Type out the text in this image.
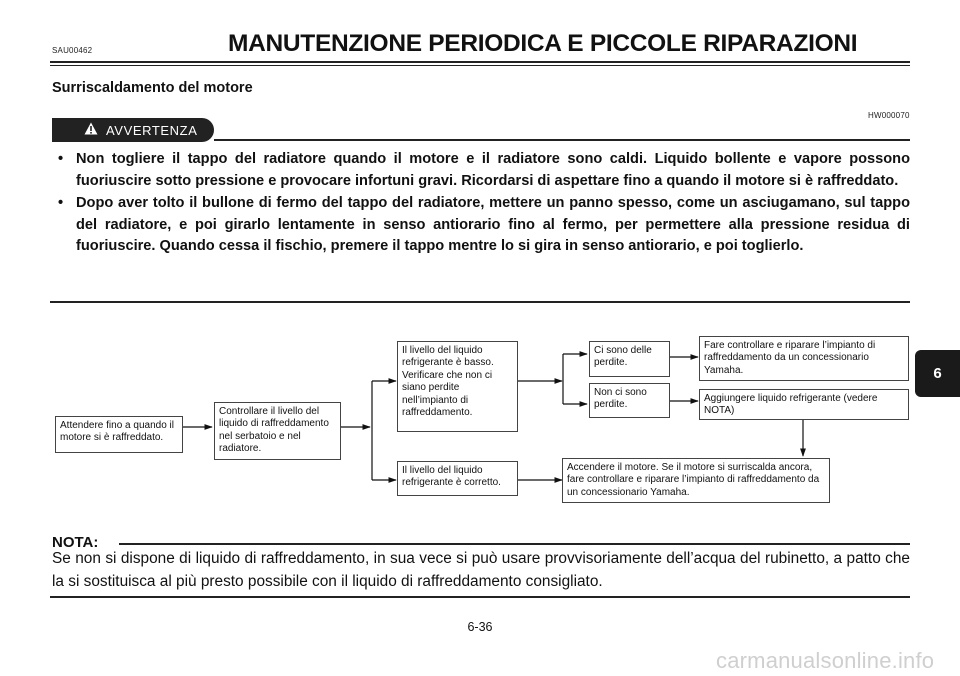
SAU00462	MANUTENZIONE PERIODICA E PICCOLE RIPARAZIONI
Surriscaldamento del motore
HW000070
AVVERTENZA
• Non togliere il tappo del radiatore quando il motore e il radiatore sono caldi. Liquido bollente e vapore possono fuoriuscire sotto pressione e provocare infortuni gravi. Ricordarsi di aspettare fino a quando il motore si è raffreddato.
• Dopo aver tolto il bullone di fermo del tappo del radiatore, mettere un panno spesso, come un asciugamano, sul tappo del radiatore, e poi girarlo lentamente in senso antiorario fino al fermo, per permettere alla pressione residua di fuoriuscire. Quando cessa il fischio, premere il tappo mentre lo si gira in senso antiorario, e poi toglierlo.
Attendere fino a quando il motore si è raffreddato.
Controllare il livello del liquido di raffreddamento nel serbatoio e nel radiatore.
Il livello del liquido refrigerante è basso. Verificare che non ci siano perdite nell’impianto di raffreddamento.
Il livello del liquido refrigerante è corretto.
Ci sono delle perdite.
Non ci sono perdite.
Fare controllare e riparare l’impianto di raffreddamento da un concessionario Yamaha.
Aggiungere liquido refrigerante (vedere NOTA)
Accendere il motore. Se il motore si surriscalda ancora, fare controllare e riparare l’impianto di raffreddamento da un concessionario Yamaha.
NOTA:
Se non si dispone di liquido di raffreddamento, in sua vece si può usare provvisoriamente dell’acqua del rubinetto, a patto che la si sostituisca al più presto possibile con il liquido di raffreddamento consigliato.
6
6-36
carmanualsonline.info
